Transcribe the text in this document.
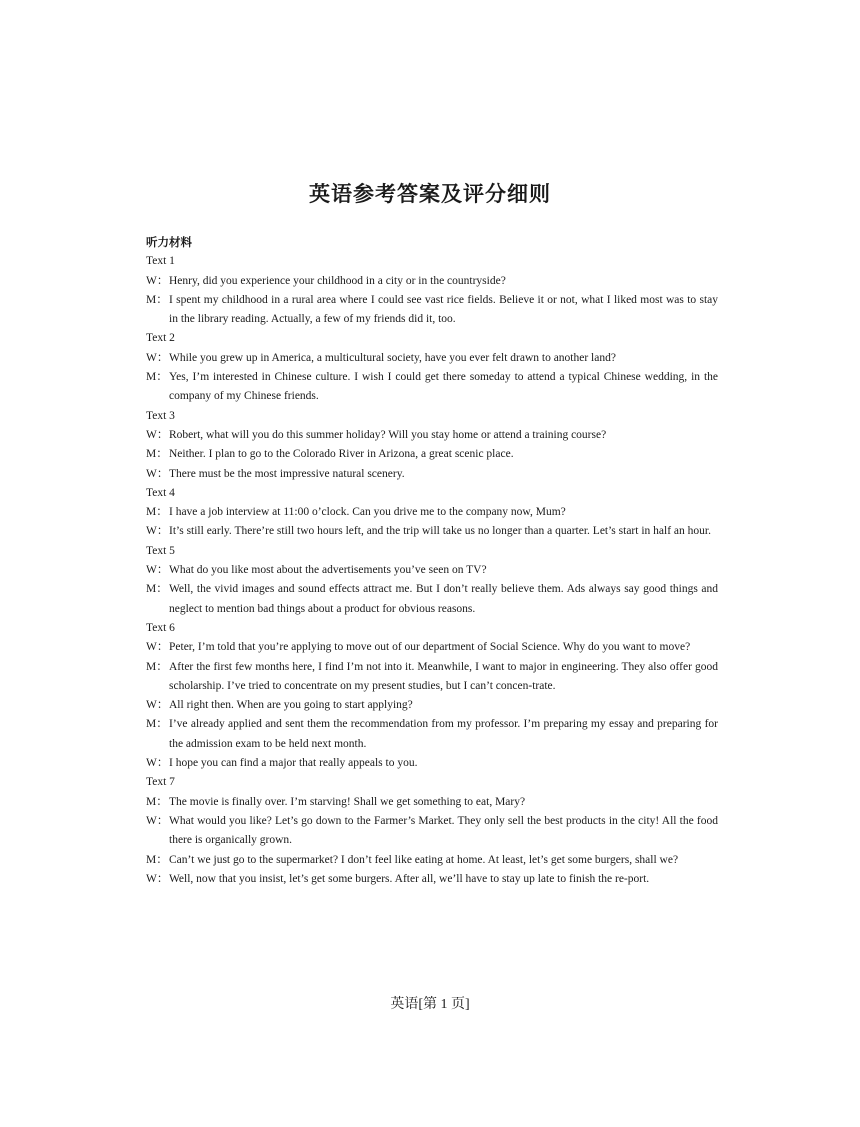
英语参考答案及评分细则
听力材料
Text 1
W：Henry, did you experience your childhood in a city or in the countryside?
M：I spent my childhood in a rural area where I could see vast rice fields. Believe it or not, what I liked most was to stay in the library reading. Actually, a few of my friends did it, too.
Text 2
W：While you grew up in America, a multicultural society, have you ever felt drawn to another land?
M：Yes, I’m interested in Chinese culture. I wish I could get there someday to attend a typical Chinese wedding, in the company of my Chinese friends.
Text 3
W：Robert, what will you do this summer holiday? Will you stay home or attend a training course?
M：Neither. I plan to go to the Colorado River in Arizona, a great scenic place.
W：There must be the most impressive natural scenery.
Text 4
M：I have a job interview at 11:00 o’clock. Can you drive me to the company now, Mum?
W：It’s still early. There’re still two hours left, and the trip will take us no longer than a quarter. Let’s start in half an hour.
Text 5
W：What do you like most about the advertisements you’ve seen on TV?
M：Well, the vivid images and sound effects attract me. But I don’t really believe them. Ads always say good things and neglect to mention bad things about a product for obvious reasons.
Text 6
W：Peter, I’m told that you’re applying to move out of our department of Social Science. Why do you want to move?
M：After the first few months here, I find I’m not into it. Meanwhile, I want to major in engineering. They also offer good scholarship. I’ve tried to concentrate on my present studies, but I can’t concen-trate.
W：All right then. When are you going to start applying?
M：I’ve already applied and sent them the recommendation from my professor. I’m preparing my essay and preparing for the admission exam to be held next month.
W：I hope you can find a major that really appeals to you.
Text 7
M：The movie is finally over. I’m starving! Shall we get something to eat, Mary?
W：What would you like? Let’s go down to the Farmer’s Market. They only sell the best products in the city! All the food there is organically grown.
M：Can’t we just go to the supermarket? I don’t feel like eating at home. At least, let’s get some burgers, shall we?
W：Well, now that you insist, let’s get some burgers. After all, we’ll have to stay up late to finish the re-port.
英语[第 1 页]
